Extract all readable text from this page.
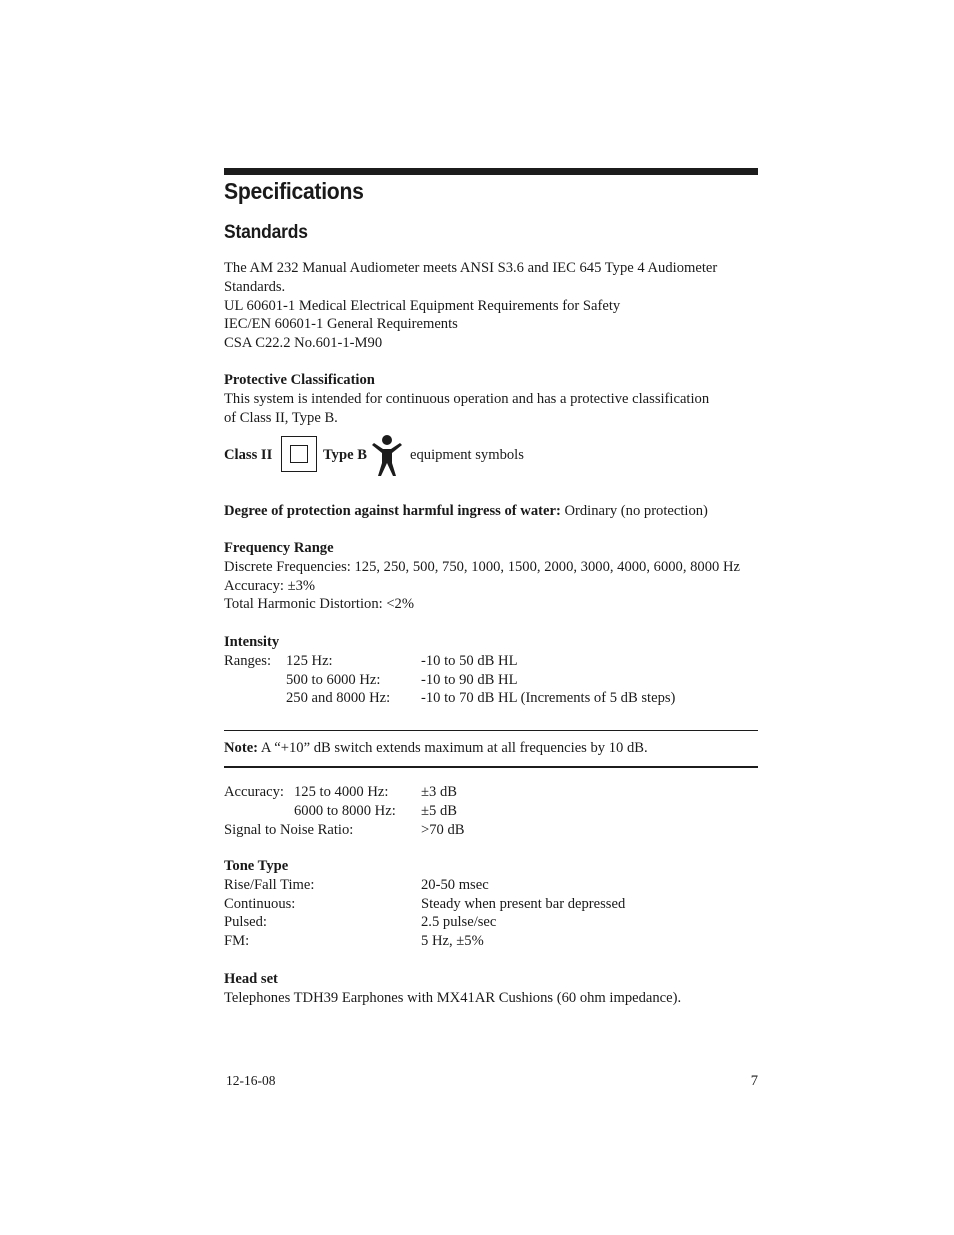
Specifications
Standards
The AM 232 Manual Audiometer meets ANSI S3.6 and IEC 645 Type 4 Audiometer
Standards.
UL 60601-1 Medical Electrical Equipment Requirements for Safety
IEC/EN 60601-1 General Requirements
CSA C22.2 No.601-1-M90
Protective Classification
This system is intended for continuous operation and has a protective classification
of Class II, Type B.
Class II	Type B	equipment symbols
Degree of protection against harmful ingress of water: Ordinary (no protection)
Frequency Range
Discrete Frequencies: 125, 250, 500, 750, 1000, 1500, 2000, 3000, 4000, 6000, 8000 Hz
Accuracy: ±3%
Total Harmonic Distortion: <2%
Intensity
Ranges: 125 Hz:	-10 to 50 dB HL
500 to 6000 Hz:	-10 to 90 dB HL
250 and 8000 Hz: -10 to 70 dB HL (Increments of 5 dB steps)
Note: A “+10” dB switch extends maximum at all frequencies by 10 dB.
Accuracy: 125 to 4000 Hz: ±3 dB
6000 to 8000 Hz: ±5 dB
Signal to Noise Ratio:	>70 dB
Tone Type
Rise/Fall Time:	20-50 msec
Continuous:	Steady when present bar depressed
Pulsed:	2.5 pulse/sec
FM:	5 Hz, ±5%
Head set
Telephones TDH39 Earphones with MX41AR Cushions (60 ohm impedance).
12-16-08	7
